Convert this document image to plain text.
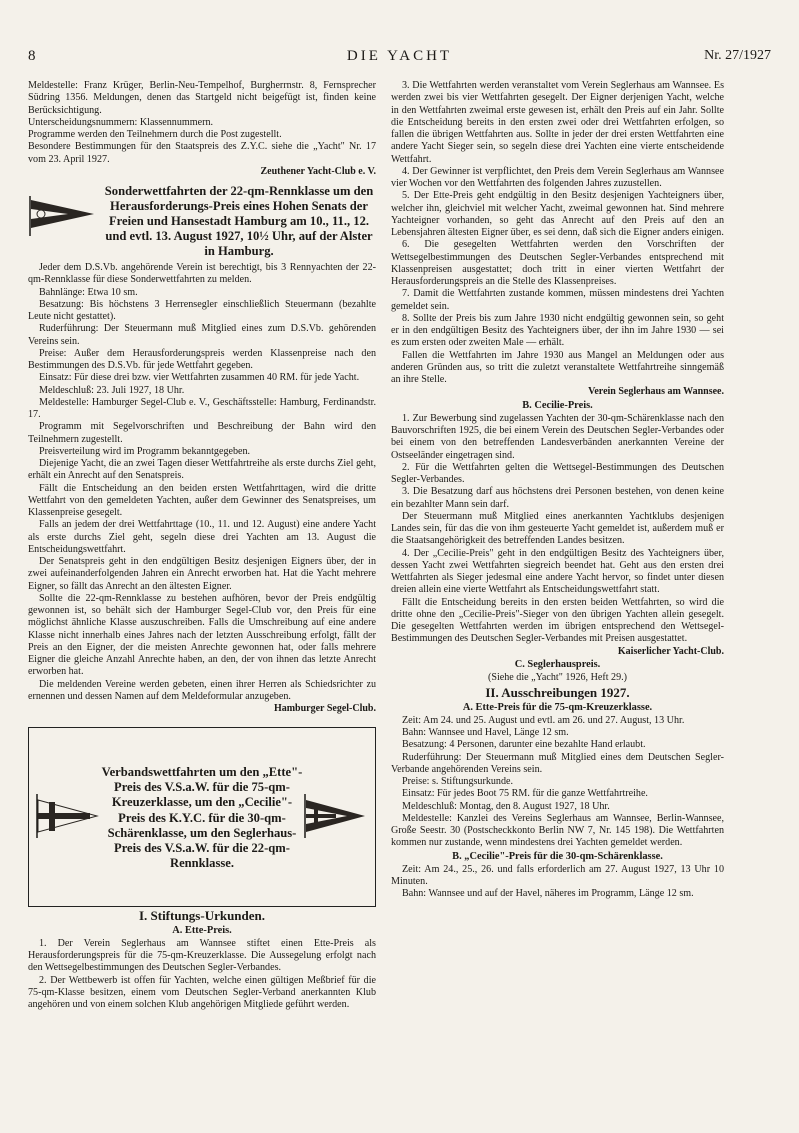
8	DIE YACHT	Nr. 27/1927

Meldestelle: Franz Krüger, Berlin-Neu-Tempelhof, Burgherrnstr. 8, Fernsprecher Südring 1356. Meldungen, denen das Startgeld nicht beigefügt ist, finden keine Berücksichtigung.

Unterscheidungsnummern: Klassennummern.

Programme werden den Teilnehmern durch die Post zugestellt.

Besondere Bestimmungen für den Staatspreis des Z.Y.C. siehe die „Yacht" Nr. 17 vom 23. April 1927.

Zeuthener Yacht-Club e. V.

Sonderwettfahrten der 22-qm-Rennklasse um den Herausforderungs-Preis eines Hohen Senats der Freien und Hansestadt Hamburg am 10., 11., 12. und evtl. 13. August 1927, 10½ Uhr, auf der Alster in Hamburg.

Jeder dem D.S.Vb. angehörende Verein ist berechtigt, bis 3 Rennyachten der 22-qm-Rennklasse für diese Sonderwettfahrten zu melden.

Bahnlänge: Etwa 10 sm.

Besatzung: Bis höchstens 3 Herrensegler einschließlich Steuermann (bezahlte Leute nicht gestattet).

Ruderführung: Der Steuermann muß Mitglied eines zum D.S.Vb. gehörenden Vereins sein.

Preise: Außer dem Herausforderungspreis werden Klassenpreise nach den Bestimmungen des D.S.Vb. für jede Wettfahrt gegeben.

Einsatz: Für diese drei bzw. vier Wettfahrten zusammen 40 RM. für jede Yacht.

Meldeschluß: 23. Juli 1927, 18 Uhr.

Meldestelle: Hamburger Segel-Club e. V., Geschäftsstelle: Hamburg, Ferdinandstr. 17.

Programm mit Segelvorschriften und Beschreibung der Bahn wird den Teilnehmern zugestellt.

Preisverteilung wird im Programm bekanntgegeben.

Diejenige Yacht, die an zwei Tagen dieser Wettfahrtreihe als erste durchs Ziel geht, erhält ein Anrecht auf den Senatspreis.

Fällt die Entscheidung an den beiden ersten Wettfahrttagen, wird die dritte Wettfahrt von den gemeldeten Yachten, außer dem Gewinner des Senatspreises, um Klassenpreise gesegelt.

Falls an jedem der drei Wettfahrttage (10., 11. und 12. August) eine andere Yacht als erste durchs Ziel geht, segeln diese drei Yachten am 13. August die Entscheidungswettfahrt.

Der Senatspreis geht in den endgültigen Besitz desjenigen Eigners über, der in zwei aufeinanderfolgenden Jahren ein Anrecht erworben hat. Hat die Yacht mehrere Eigner, so fällt das Anrecht an den ältesten Eigner.

Sollte die 22-qm-Rennklasse zu bestehen aufhören, bevor der Preis endgültig gewonnen ist, so behält sich der Hamburger Segel-Club vor, den Preis für eine möglichst ähnliche Klasse auszuschreiben. Falls die Umschreibung auf eine andere Klasse nicht innerhalb eines Jahres nach der letzten Ausschreibung erfolgt, fällt der Preis an den Eigner, der die meisten Anrechte gewonnen hat, oder falls mehrere Eigner die gleiche Anzahl Anrechte haben, an den, der von ihnen das letzte Anrecht erworben hat.

Die meldenden Vereine werden gebeten, einen ihrer Herren als Schiedsrichter zu ernennen und dessen Namen auf dem Meldeformular anzugeben.

Hamburger Segel-Club.

Verbandswettfahrten um den „Ette"-Preis des V.S.a.W. für die 75-qm-Kreuzerklasse, um den „Cecilie"-Preis des K.Y.C. für die 30-qm-Schärenklasse, um den Seglerhaus-Preis des V.S.a.W. für die 22-qm-Rennklasse.
I. Stiftungs-Urkunden.
A. Ette-Preis.

1. Der Verein Seglerhaus am Wannsee stiftet einen Ette-Preis als Herausforderungspreis für die 75-qm-Kreuzerklasse. Die Aussegelung erfolgt nach den Wettsegelbestimmungen des Deutschen Segler-Verbandes.

2. Der Wettbewerb ist offen für Yachten, welche einen gültigen Meßbrief für die 75-qm-Klasse besitzen, einem vom Deutschen Segler-Verband anerkannten Klub angehören und von einem solchen Klub angehörigen Mitgliede geführt werden.

3. Die Wettfahrten werden veranstaltet vom Verein Seglerhaus am Wannsee. Es werden zwei bis vier Wettfahrten gesegelt. Der Eigner derjenigen Yacht, welche in den Wettfahrten zweimal erste gewesen ist, erhält den Preis auf ein Jahr. Sollte die Entscheidung bereits in den ersten zwei oder drei Wettfahrten erfolgen, so fallen die übrigen Wettfahrten aus. Sollte in jeder der drei ersten Wettfahrten eine andere Yacht Sieger sein, so segeln diese drei Yachten eine vierte entscheidende Wettfahrt.

4. Der Gewinner ist verpflichtet, den Preis dem Verein Seglerhaus am Wannsee vier Wochen vor den Wettfahrten des folgenden Jahres zuzustellen.

5. Der Ette-Preis geht endgültig in den Besitz desjenigen Yachteigners über, welcher ihn, gleichviel mit welcher Yacht, zweimal gewonnen hat. Sind mehrere Yachteigner vorhanden, so geht das Anrecht auf den Preis auf den an Lebensjahren ältesten Eigner über, es sei denn, daß sich die Eigner anders einigen.

6. Die gesegelten Wettfahrten werden den Vorschriften der Wettsegelbestimmungen des Deutschen Segler-Verbandes entsprechend mit Klassenpreisen ausgestattet; doch tritt in einer vierten Wettfahrt der Herausforderungspreis an die Stelle des Klassenpreises.

7. Damit die Wettfahrten zustande kommen, müssen mindestens drei Yachten gemeldet sein.

8. Sollte der Preis bis zum Jahre 1930 nicht endgültig gewonnen sein, so geht er in den endgültigen Besitz des Yachteigners über, der ihn im Jahre 1930 — sei es zum ersten oder zweiten Male — erhält.

Fallen die Wettfahrten im Jahre 1930 aus Mangel an Meldungen oder aus anderen Gründen aus, so tritt die zuletzt veranstaltete Wettfahrtreihe sinngemäß an ihre Stelle.

Verein Seglerhaus am Wannsee.

B. Cecilie-Preis.

1. Zur Bewerbung sind zugelassen Yachten der 30-qm-Schärenklasse nach den Bauvorschriften 1925, die bei einem Verein des Deutschen Segler-Verbandes oder bei einem von den betreffenden Landesverbänden anerkannten Vereine der Ostseeländer eingetragen sind.

2. Für die Wettfahrten gelten die Wettsegel-Bestimmungen des Deutschen Segler-Verbandes.

3. Die Besatzung darf aus höchstens drei Personen bestehen, von denen keine ein bezahlter Mann sein darf.

Der Steuermann muß Mitglied eines anerkannten Yachtklubs desjenigen Landes sein, für das die von ihm gesteuerte Yacht gemeldet ist, außerdem muß er die Staatsangehörigkeit des betreffenden Landes besitzen.

4. Der „Cecilie-Preis" geht in den endgültigen Besitz des Yachteigners über, dessen Yacht zwei Wettfahrten siegreich beendet hat. Geht aus den ersten drei Wettfahrten als Sieger jedesmal eine andere Yacht hervor, so findet unter diesen dreien allein eine vierte Wettfahrt als Entscheidungswettfahrt statt.

Fällt die Entscheidung bereits in den ersten beiden Wettfahrten, so wird die dritte ohne den „Cecilie-Preis"-Sieger von den übrigen Yachten allein gesegelt. Die gesegelten Wettfahrten werden im übrigen entsprechend den Wettsegel-Bestimmungen des Deutschen Segler-Verbandes mit Preisen ausgestattet.

Kaiserlicher Yacht-Club.

C. Seglerhauspreis.

(Siehe die „Yacht" 1926, Heft 29.)

II. Ausschreibungen 1927.
A. Ette-Preis für die 75-qm-Kreuzerklasse.

Zeit: Am 24. und 25. August und evtl. am 26. und 27. August, 13 Uhr.

Bahn: Wannsee und Havel, Länge 12 sm.

Besatzung: 4 Personen, darunter eine bezahlte Hand erlaubt.

Ruderführung: Der Steuermann muß Mitglied eines dem Deutschen Segler-Verbande angehörenden Vereins sein.

Preise: s. Stiftungsurkunde.

Einsatz: Für jedes Boot 75 RM. für die ganze Wettfahrtreihe.

Meldeschluß: Montag, den 8. August 1927, 18 Uhr.

Meldestelle: Kanzlei des Vereins Seglerhaus am Wannsee, Berlin-Wannsee, Große Seestr. 30 (Postscheckkonto Berlin NW 7, Nr. 145 198). Die Wettfahrten kommen nur zustande, wenn mindestens drei Yachten gemeldet werden.

B. „Cecilie"-Preis für die 30-qm-Schärenklasse.

Zeit: Am 24., 25., 26. und falls erforderlich am 27. August 1927, 13 Uhr 10 Minuten.

Bahn: Wannsee und auf der Havel, näheres im Programm, Länge 12 sm.
